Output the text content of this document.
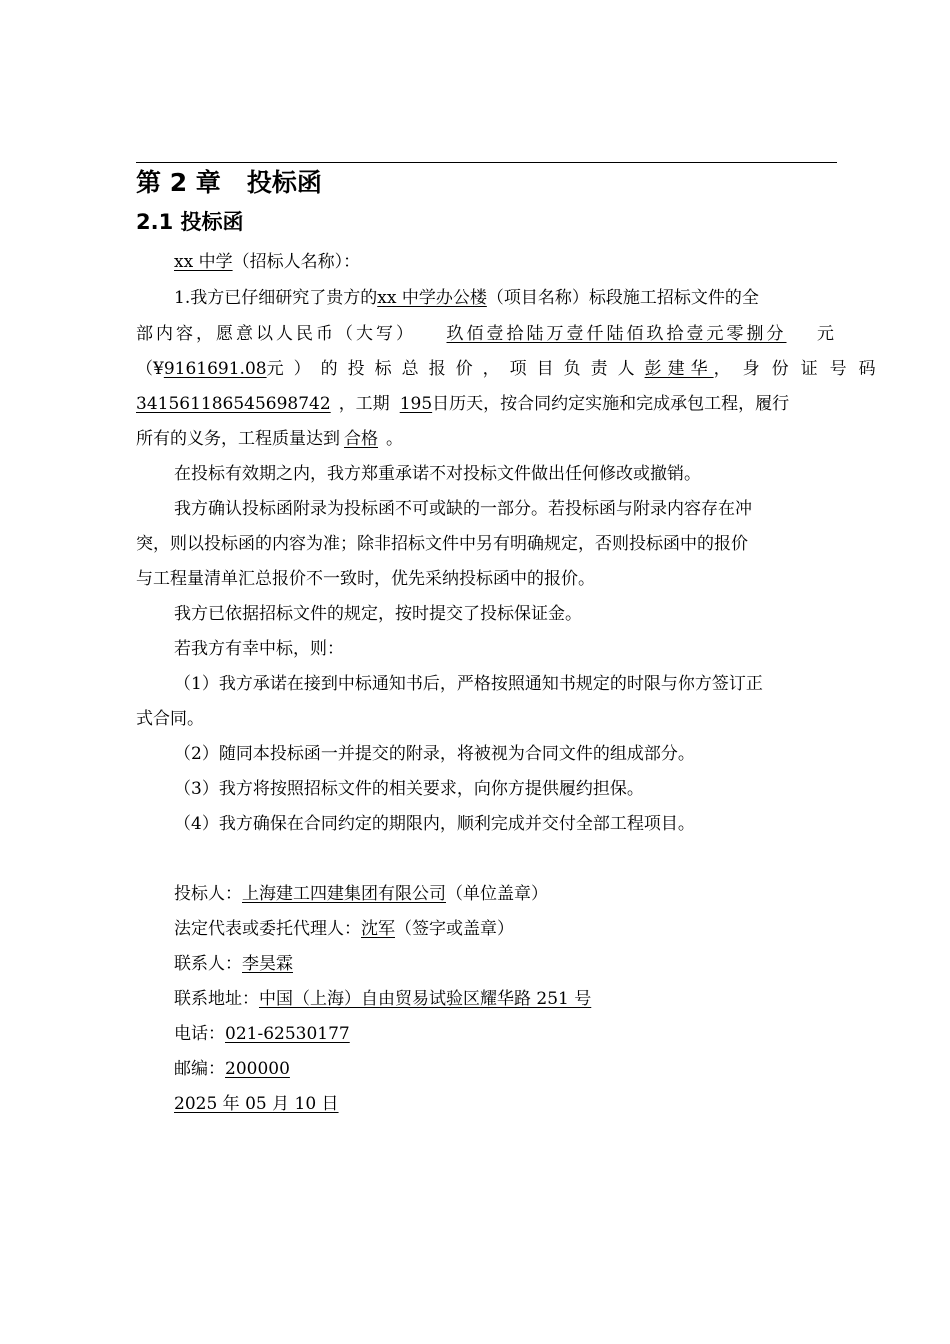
第 2 章 投标函
2.1 投标函
xx 中学（招标人名称）：
1.我方已仔细研究了贵方的xx 中学办公楼（项目名称）标段施工招标文件的全
部内容，愿意以人民币（大写） 玖佰壹拾陆万壹仟陆佰玖拾壹元零捌分 元
（¥ 9161691.08 元）的投标总报价，项目负责人 彭建华 ，身份证号码
341561186545698742 ，工期 195日历天，按合同约定实施和完成承包工程，履行
所有的义务，工程质量达到 合格 。
在投标有效期之内，我方郑重承诺不对投标文件做出任何修改或撤销。
我方确认投标函附录为投标函不可或缺的一部分。若投标函与附录内容存在冲
突，则以投标函的内容为准；除非招标文件中另有明确规定，否则投标函中的报价
与工程量清单汇总报价不一致时，优先采纳投标函中的报价。
我方已依据招标文件的规定，按时提交了投标保证金。
若我方有幸中标，则：
（1）我方承诺在接到中标通知书后，严格按照通知书规定的时限与你方签订正
式合同。
（2）随同本投标函一并提交的附录，将被视为合同文件的组成部分。
（3）我方将按照招标文件的相关要求，向你方提供履约担保。
（4）我方确保在合同约定的期限内，顺利完成并交付全部工程项目。
投标人：上海建工四建集团有限公司（单位盖章）
法定代表或委托代理人：沈军（签字或盖章）
联系人：李昊霖
联系地址：中国（上海）自由贸易试验区耀华路 251 号
电话：021-62530177
邮编：200000
2025 年 05 月 10 日
